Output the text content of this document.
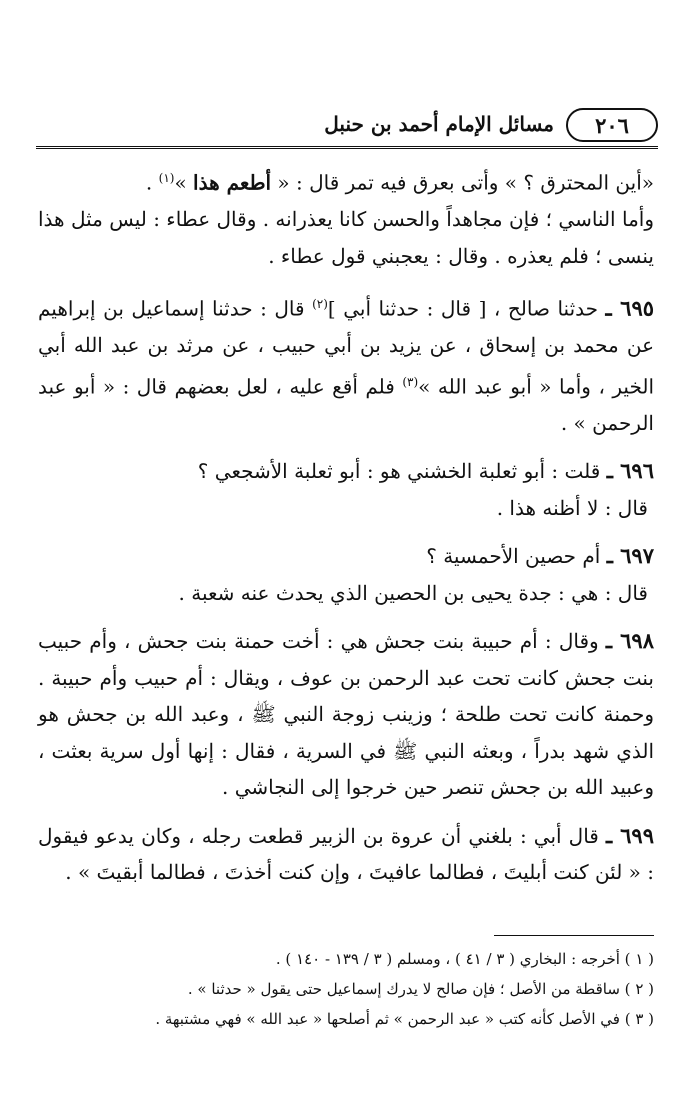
٢٠٦
مسائل الإمام أحمد بن حنبل

«أين المحترق ؟ » وأتى بعرق فيه تمر قال : « أطعم هذا »$^{(١)}$ .

وأما الناسي ؛ فإن مجاهداً والحسن كانا يعذرانه . وقال عطاء : ليس مثل هذا ينسى ؛ فلم يعذره . وقال : يعجبني قول عطاء .

٦٩٥ ـ حدثنا صالح ، [ قال : حدثنا أبي ]$^{(٢)}$ قال : حدثنا إسماعيل بن إبراهيم عن محمد بن إسحاق ، عن يزيد بن أبي حبيب ، عن مرثد بن عبد الله أبي الخير ، وأما « أبو عبد الله »$^{(٣)}$ فلم أقع عليه ، لعل بعضهم قال : « أبو عبد الرحمن » .

٦٩٦ ـ قلت : أبو ثعلبة الخشني هو : أبو ثعلبة الأشجعي ؟

قال : لا أظنه هذا .

٦٩٧ ـ أم حصين الأحمسية ؟

قال : هي : جدة يحيى بن الحصين الذي يحدث عنه شعبة .

٦٩٨ ـ وقال : أم حبيبة بنت جحش هي : أخت حمنة بنت جحش ، وأم حبيب بنت جحش كانت تحت عبد الرحمن بن عوف ، ويقال : أم حبيب وأم حبيبة . وحمنة كانت تحت طلحة ؛ وزينب زوجة النبي ﷺ ، وعبد الله بن جحش هو الذي شهد بدراً ، وبعثه النبي ﷺ في السرية ، فقال : إنها أول سرية بعثت ، وعبيد الله بن جحش تنصر حين خرجوا إلى النجاشي .

٦٩٩ ـ قال أبي : بلغني أن عروة بن الزبير قطعت رجله ، وكان يدعو فيقول : « لئن كنت أبليتَ ، فطالما عافيتَ ، وإن كنت أخذتَ ، فطالما أبقيتَ » .

( ١ ) أخرجه : البخاري ( ٣ / ٤١ ) ، ومسلم ( ٣ / ١٣٩ - ١٤٠ ) .

( ٢ ) ساقطة من الأصل ؛ فإن صالح لا يدرك إسماعيل حتى يقول « حدثنا » .

( ٣ ) في الأصل كأنه كتب « عبد الرحمن » ثم أصلحها « عبد الله » فهي مشتبهة .
